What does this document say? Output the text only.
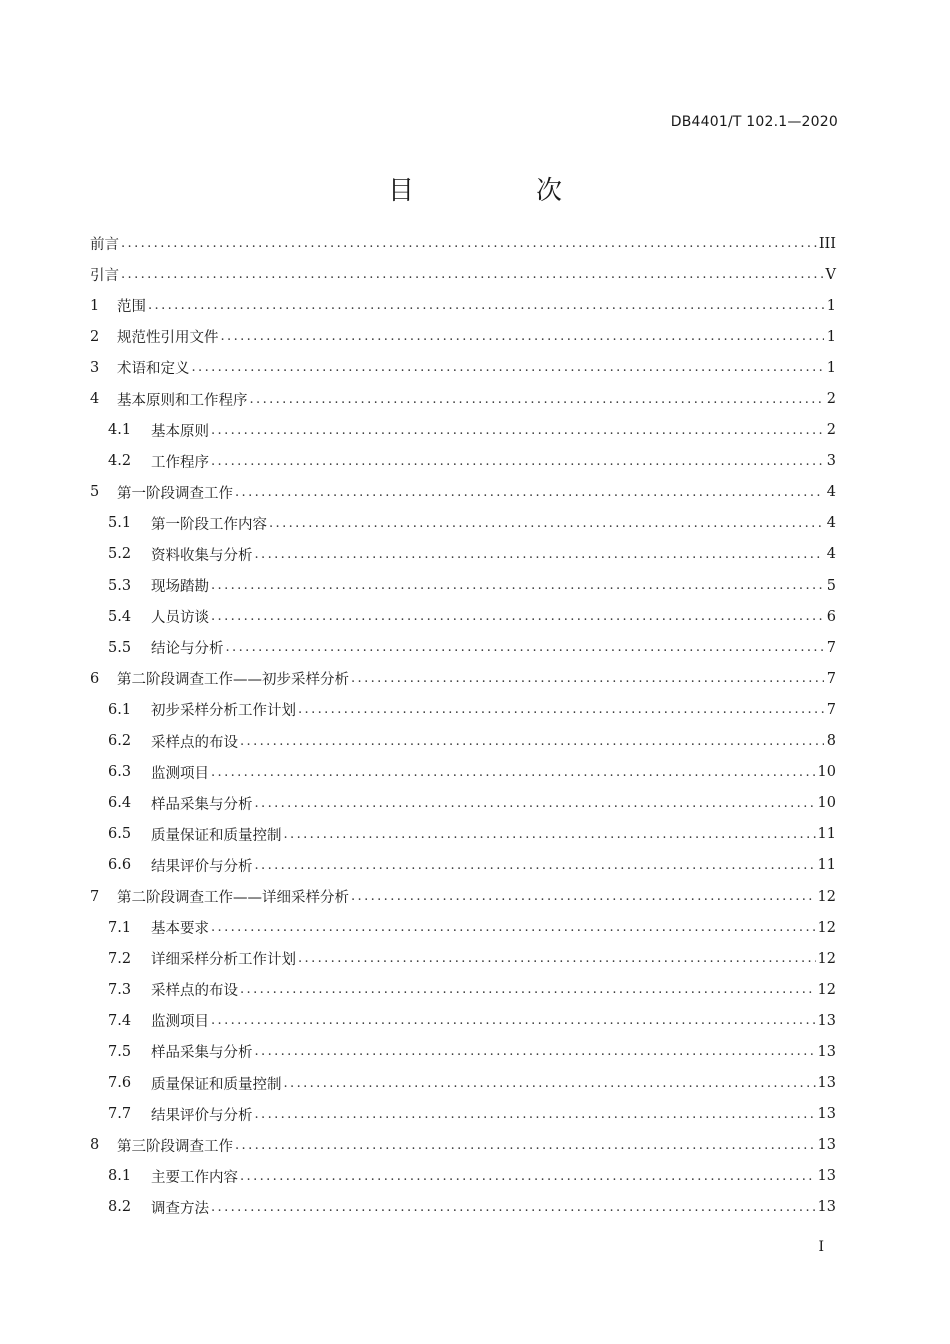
DB4401/T 102.1—2020
目　次
前言 .....	III
引言 .....	V
1	范围 .....	1
2	规范性引用文件 .....	1
3	术语和定义 .....	1
4	基本原则和工作程序 .....	2
4.1	基本原则 .....	2
4.2	工作程序 .....	3
5	第一阶段调查工作 .....	4
5.1	第一阶段工作内容 .....	4
5.2	资料收集与分析 .....	4
5.3	现场踏勘 .....	5
5.4	人员访谈 .....	6
5.5	结论与分析 .....	7
6	第二阶段调查工作——初步采样分析 .....	7
6.1	初步采样分析工作计划 .....	7
6.2	采样点的布设 .....	8
6.3	监测项目 .....	10
6.4	样品采集与分析 .....	10
6.5	质量保证和质量控制 .....	11
6.6	结果评价与分析 .....	11
7	第二阶段调查工作——详细采样分析 .....	12
7.1	基本要求 .....	12
7.2	详细采样分析工作计划 .....	12
7.3	采样点的布设 .....	12
7.4	监测项目 .....	13
7.5	样品采集与分析 .....	13
7.6	质量保证和质量控制 .....	13
7.7	结果评价与分析 .....	13
8	第三阶段调查工作 .....	13
8.1	主要工作内容 .....	13
8.2	调查方法 .....	13
I
